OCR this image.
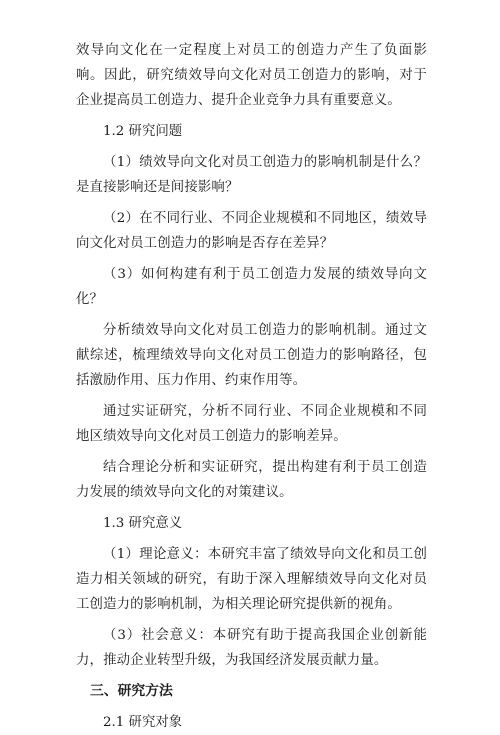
效导向文化在一定程度上对员工的创造力产生了负面影响。因此，研究绩效导向文化对员工创造力的影响，对于企业提高员工创造力、提升企业竞争力具有重要意义。

1.2 研究问题

（1）绩效导向文化对员工创造力的影响机制是什么？是直接影响还是间接影响？

（2）在不同行业、不同企业规模和不同地区，绩效导向文化对员工创造力的影响是否存在差异？

（3）如何构建有利于员工创造力发展的绩效导向文化？

分析绩效导向文化对员工创造力的影响机制。通过文献综述，梳理绩效导向文化对员工创造力的影响路径，包括激励作用、压力作用、约束作用等。

通过实证研究，分析不同行业、不同企业规模和不同地区绩效导向文化对员工创造力的影响差异。

结合理论分析和实证研究，提出构建有利于员工创造力发展的绩效导向文化的对策建议。

1.3 研究意义

（1）理论意义：本研究丰富了绩效导向文化和员工创造力相关领域的研究，有助于深入理解绩效导向文化对员工创造力的影响机制，为相关理论研究提供新的视角。

（3）社会意义：本研究有助于提高我国企业创新能力，推动企业转型升级，为我国经济发展贡献力量。

三、研究方法

2.1 研究对象
